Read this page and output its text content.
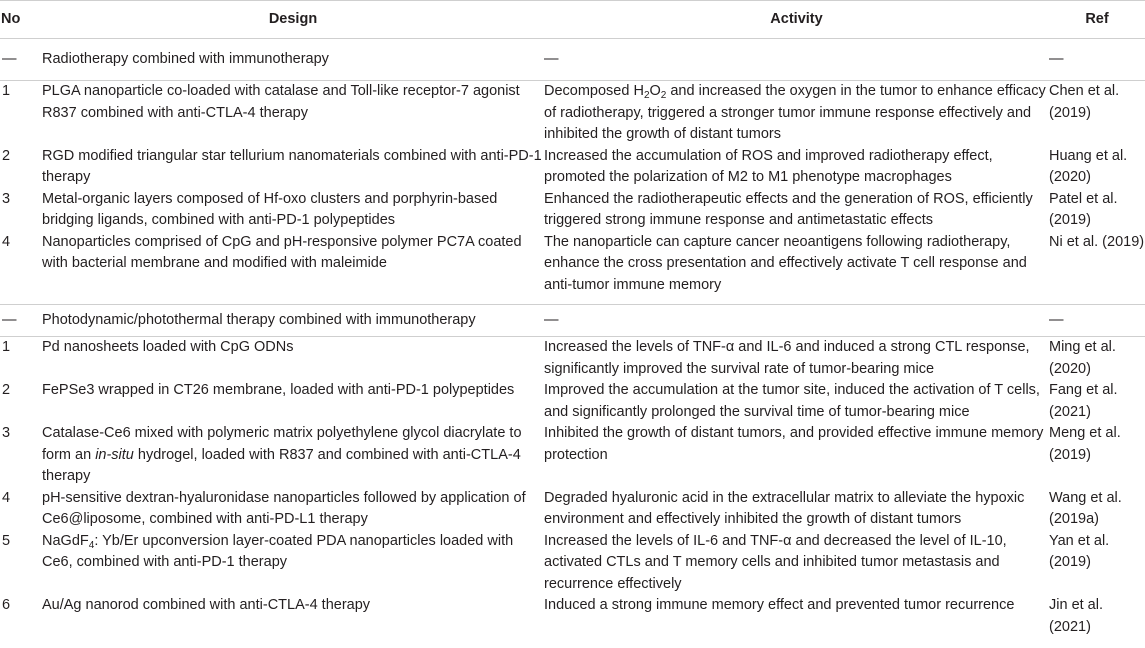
No	Design	Activity	Ref
—	Radiotherapy combined with immunotherapy	—	—
1	PLGA nanoparticle co-loaded with catalase and Toll-like receptor-7 agonist R837 combined with anti-CTLA-4 therapy	Decomposed $H_2O_2$ and increased the oxygen in the tumor to enhance efficacy of radiotherapy, triggered a stronger tumor immune response effectively and inhibited the growth of distant tumors	Chen et al. (2019)
2	RGD modified triangular star tellurium nanomaterials combined with anti-PD-1 therapy	Increased the accumulation of ROS and improved radiotherapy effect, promoted the polarization of M2 to M1 phenotype macrophages	Huang et al. (2020)
3	Metal-organic layers composed of Hf-oxo clusters and porphyrin-based bridging ligands, combined with anti-PD-1 polypeptides	Enhanced the radiotherapeutic effects and the generation of ROS, efficiently triggered strong immune response and antimetastatic effects	Patel et al. (2019)
4	Nanoparticles comprised of CpG and pH-responsive polymer PC7A coated with bacterial membrane and modified with maleimide	The nanoparticle can capture cancer neoantigens following radiotherapy, enhance the cross presentation and effectively activate T cell response and anti-tumor immune memory	Ni et al. (2019)
—	Photodynamic/photothermal therapy combined with immunotherapy	—	—
1	Pd nanosheets loaded with CpG ODNs	Increased the levels of TNF-α and IL-6 and induced a strong CTL response, significantly improved the survival rate of tumor-bearing mice	Ming et al. (2020)
2	FePSe3 wrapped in CT26 membrane, loaded with anti-PD-1 polypeptides	Improved the accumulation at the tumor site, induced the activation of T cells, and significantly prolonged the survival time of tumor-bearing mice	Fang et al. (2021)
3	Catalase-Ce6 mixed with polymeric matrix polyethylene glycol diacrylate to form an in-situ hydrogel, loaded with R837 and combined with anti-CTLA-4 therapy	Inhibited the growth of distant tumors, and provided effective immune memory protection	Meng et al. (2019)
4	pH-sensitive dextran-hyaluronidase nanoparticles followed by application of Ce6@liposome, combined with anti-PD-L1 therapy	Degraded hyaluronic acid in the extracellular matrix to alleviate the hypoxic environment and effectively inhibited the growth of distant tumors	Wang et al. (2019a)
5	NaGdF$_4$: Yb/Er upconversion layer-coated PDA nanoparticles loaded with Ce6, combined with anti-PD-1 therapy	Increased the levels of IL-6 and TNF-α and decreased the level of IL-10, activated CTLs and T memory cells and inhibited tumor metastasis and recurrence effectively	Yan et al. (2019)
6	Au/Ag nanorod combined with anti-CTLA-4 therapy	Induced a strong immune memory effect and prevented tumor recurrence	Jin et al. (2021)
